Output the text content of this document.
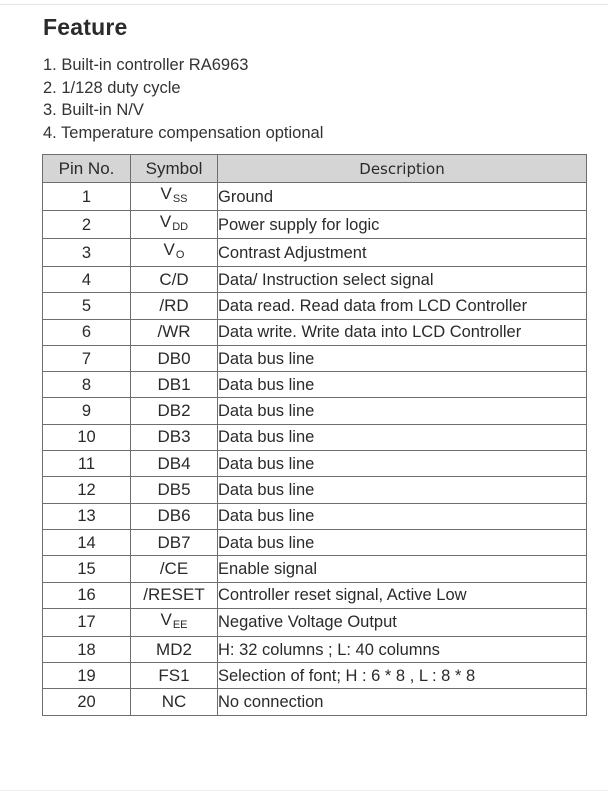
Feature
1. Built-in controller RA6963
2. 1/128 duty cycle
3. Built-in N/V
4. Temperature compensation optional
Pin No.	Symbol	Description
1	VSS	Ground
2	VDD	Power supply for logic
3	VO	Contrast Adjustment
4	C/D	Data/ Instruction select signal
5	/RD	Data read. Read data from LCD Controller
6	/WR	Data write. Write data into LCD Controller
7	DB0	Data bus line
8	DB1	Data bus line
9	DB2	Data bus line
10	DB3	Data bus line
11	DB4	Data bus line
12	DB5	Data bus line
13	DB6	Data bus line
14	DB7	Data bus line
15	/CE	Enable signal
16	/RESET	Controller reset signal, Active Low
17	VEE	Negative Voltage Output
18	MD2	H: 32 columns ; L: 40 columns
19	FS1	Selection of font; H : 6 * 8 , L : 8 * 8
20	NC	No connection
